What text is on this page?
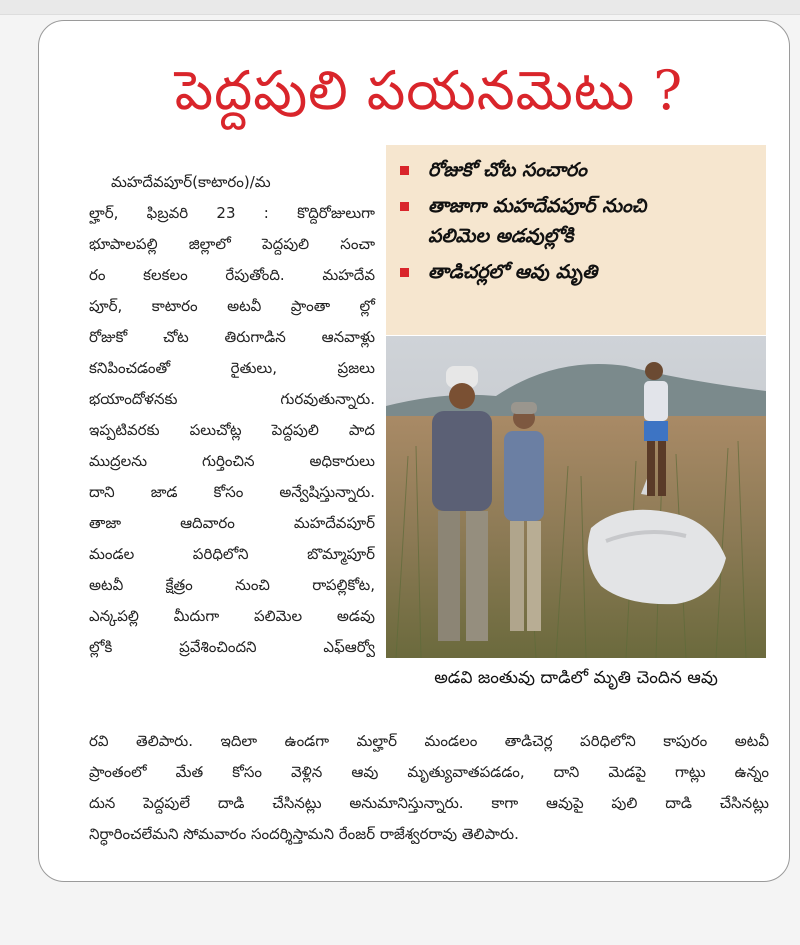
పెద్దపులి పయనమెటు ?
రోజుకో చోట సంచారం
తాజాగా మహదేవపూర్ నుంచి
పలిమెల అడవుల్లోకి
తాడిచర్లలో ఆవు మృతి

అడవి జంతువు దాడిలో మృతి చెందిన ఆవు

మహదేవపూర్(కాటారం)/మ
ల్హార్, ఫిబ్రవరి 23 : కొద్దిరోజులుగా
భూపాలపల్లి జిల్లాలో పెద్దపులి సంచా
రం కలకలం రేపుతోంది. మహదేవ
పూర్, కాటారం అటవీ ప్రాంతా ల్లో
రోజుకో చోట తిరుగాడిన ఆనవాళ్లు
కనిపించడంతో రైతులు, ప్రజలు
భయాందోళనకు గురవుతున్నారు.
ఇప్పటివరకు పలుచోట్ల పెద్దపులి పాద
ముద్రలను గుర్తించిన అధికారులు
దాని జాడ కోసం అన్వేషిస్తున్నారు.
తాజా ఆదివారం మహదేవపూర్
మండల పరిధిలోని బొమ్మాపూర్
అటవీ క్షేత్రం నుంచి రాపల్లికోట,
ఎన్కపల్లి మీదుగా పలిమెల అడవు
ల్లోకి ప్రవేశించిందని ఎఫ్ఆర్వో

రవి తెలిపారు. ఇదిలా ఉండగా మల్హార్ మండలం తాడిచెర్ల పరిధిలోని కాపురం అటవీ
ప్రాంతంలో మేత కోసం వెళ్లిన ఆవు మృత్యువాతపడడం, దాని మెడపై గాట్లు ఉన్నం
దున పెద్దపులే దాడి చేసినట్లు అనుమానిస్తున్నారు. కాగా ఆవుపై పులి దాడి చేసినట్లు
నిర్ధారించలేమని సోమవారం సందర్శిస్తామని రేంజర్ రాజేశ్వరరావు తెలిపారు.
